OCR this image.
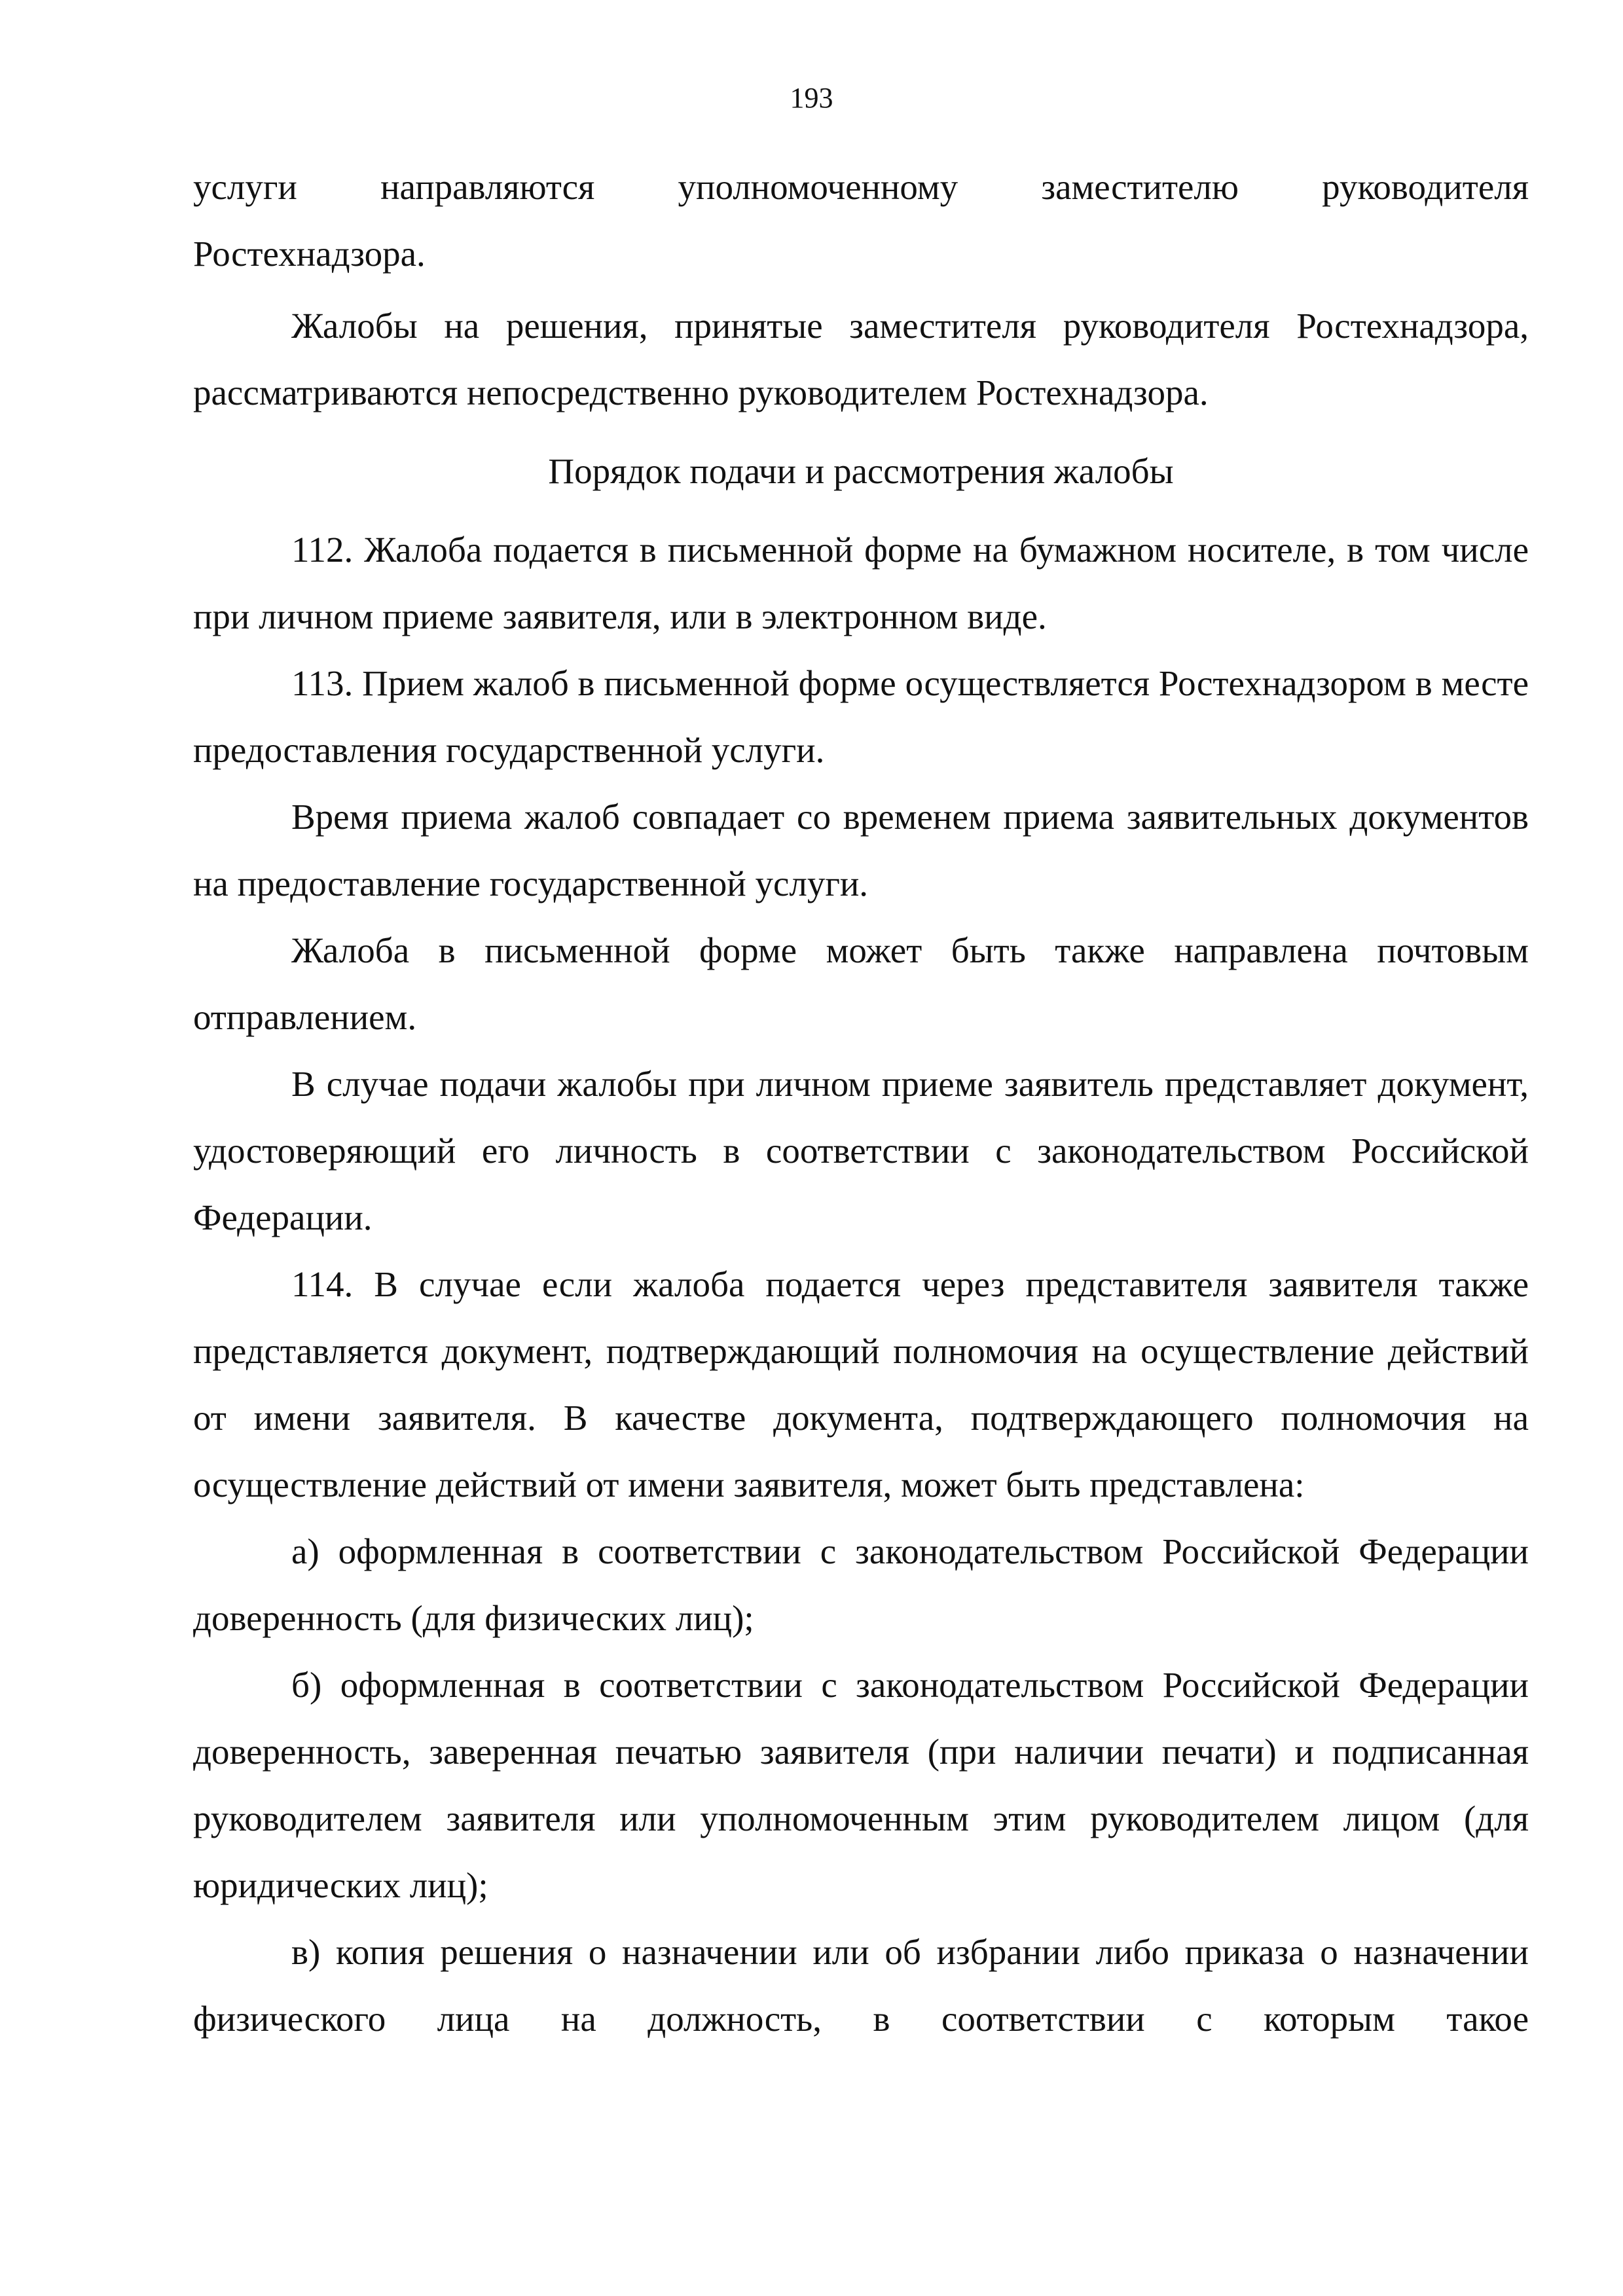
193

услуги направляются уполномоченному заместителю руководителя

Ростехнадзора.

Жалобы на решения, принятые заместителя руководителя Ростехнадзора, рассматриваются непосредственно руководителем Ростехнадзора.

Порядок подачи и рассмотрения жалобы

112. Жалоба подается в письменной форме на бумажном носителе, в том числе при личном приеме заявителя, или в электронном виде.

113. Прием жалоб в письменной форме осуществляется Ростехнадзором в месте предоставления государственной услуги.

Время приема жалоб совпадает со временем приема заявительных документов на предоставление государственной услуги.

Жалоба в письменной форме может быть также направлена почтовым отправлением.

В случае подачи жалобы при личном приеме заявитель представляет документ, удостоверяющий его личность в соответствии с законодательством Российской Федерации.

114. В случае если жалоба подается через представителя заявителя также представляется документ, подтверждающий полномочия на осуществление действий от имени заявителя. В качестве документа, подтверждающего полномочия на осуществление действий от имени заявителя, может быть представлена:

а) оформленная в соответствии с законодательством Российской Федерации доверенность (для физических лиц);

б) оформленная в соответствии с законодательством Российской Федерации доверенность, заверенная печатью заявителя (при наличии печати) и подписанная руководителем заявителя или уполномоченным этим руководителем лицом (для юридических лиц);

в) копия решения о назначении или об избрании либо приказа о назначении физического лица на должность, в соответствии с которым такое
